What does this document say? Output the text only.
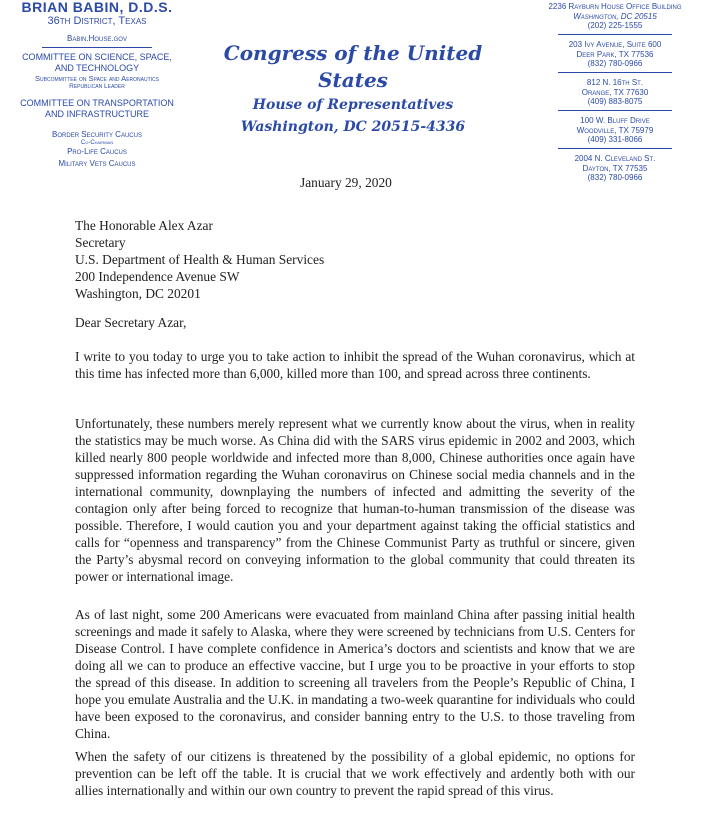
BRIAN BABIN, D.D.S.
36th District, Texas
Babin.House.gov
COMMITTEE ON SCIENCE, SPACE, AND TECHNOLOGY
Subcommittee on Space and Aeronautics
Republican Leader
COMMITTEE ON TRANSPORTATION AND INFRASTRUCTURE
Border Security Caucus
Co-Chairman
Pro-Life Caucus
Military Vets Caucus
Congress of the United States
House of Representatives
Washington, DC 20515-4336
2236 Rayburn House Office Building
Washington, DC 20515
(202) 225-1555
203 Ivy Avenue, Suite 600
Deer Park, TX 77536
(832) 780-0966
812 N. 16th St.
Orange, TX 77630
(409) 883-8075
100 W. Bluff Drive
Woodville, TX 75979
(409) 331-8066
2004 N. Cleveland St.
Dayton, TX 77535
(832) 780-0966
January 29, 2020
The Honorable Alex Azar
Secretary
U.S. Department of Health & Human Services
200 Independence Avenue SW
Washington, DC 20201
Dear Secretary Azar,

I write to you today to urge you to take action to inhibit the spread of the Wuhan coronavirus, which at this time has infected more than 6,000, killed more than 100, and spread across three continents.

Unfortunately, these numbers merely represent what we currently know about the virus, when in reality the statistics may be much worse. As China did with the SARS virus epidemic in 2002 and 2003, which killed nearly 800 people worldwide and infected more than 8,000, Chinese authorities once again have suppressed information regarding the Wuhan coronavirus on Chinese social media channels and in the international community, downplaying the numbers of infected and admitting the severity of the contagion only after being forced to recognize that human-to-human transmission of the disease was possible. Therefore, I would caution you and your department against taking the official statistics and calls for “openness and transparency” from the Chinese Communist Party as truthful or sincere, given the Party’s abysmal record on conveying information to the global community that could threaten its power or international image.

As of last night, some 200 Americans were evacuated from mainland China after passing initial health screenings and made it safely to Alaska, where they were screened by technicians from U.S. Centers for Disease Control. I have complete confidence in America’s doctors and scientists and know that we are doing all we can to produce an effective vaccine, but I urge you to be proactive in your efforts to stop the spread of this disease. In addition to screening all travelers from the People’s Republic of China, I hope you emulate Australia and the U.K. in mandating a two-week quarantine for individuals who could have been exposed to the coronavirus, and consider banning entry to the U.S. to those traveling from China.

When the safety of our citizens is threatened by the possibility of a global epidemic, no options for prevention can be left off the table. It is crucial that we work effectively and ardently both with our allies internationally and within our own country to prevent the rapid spread of this virus.
